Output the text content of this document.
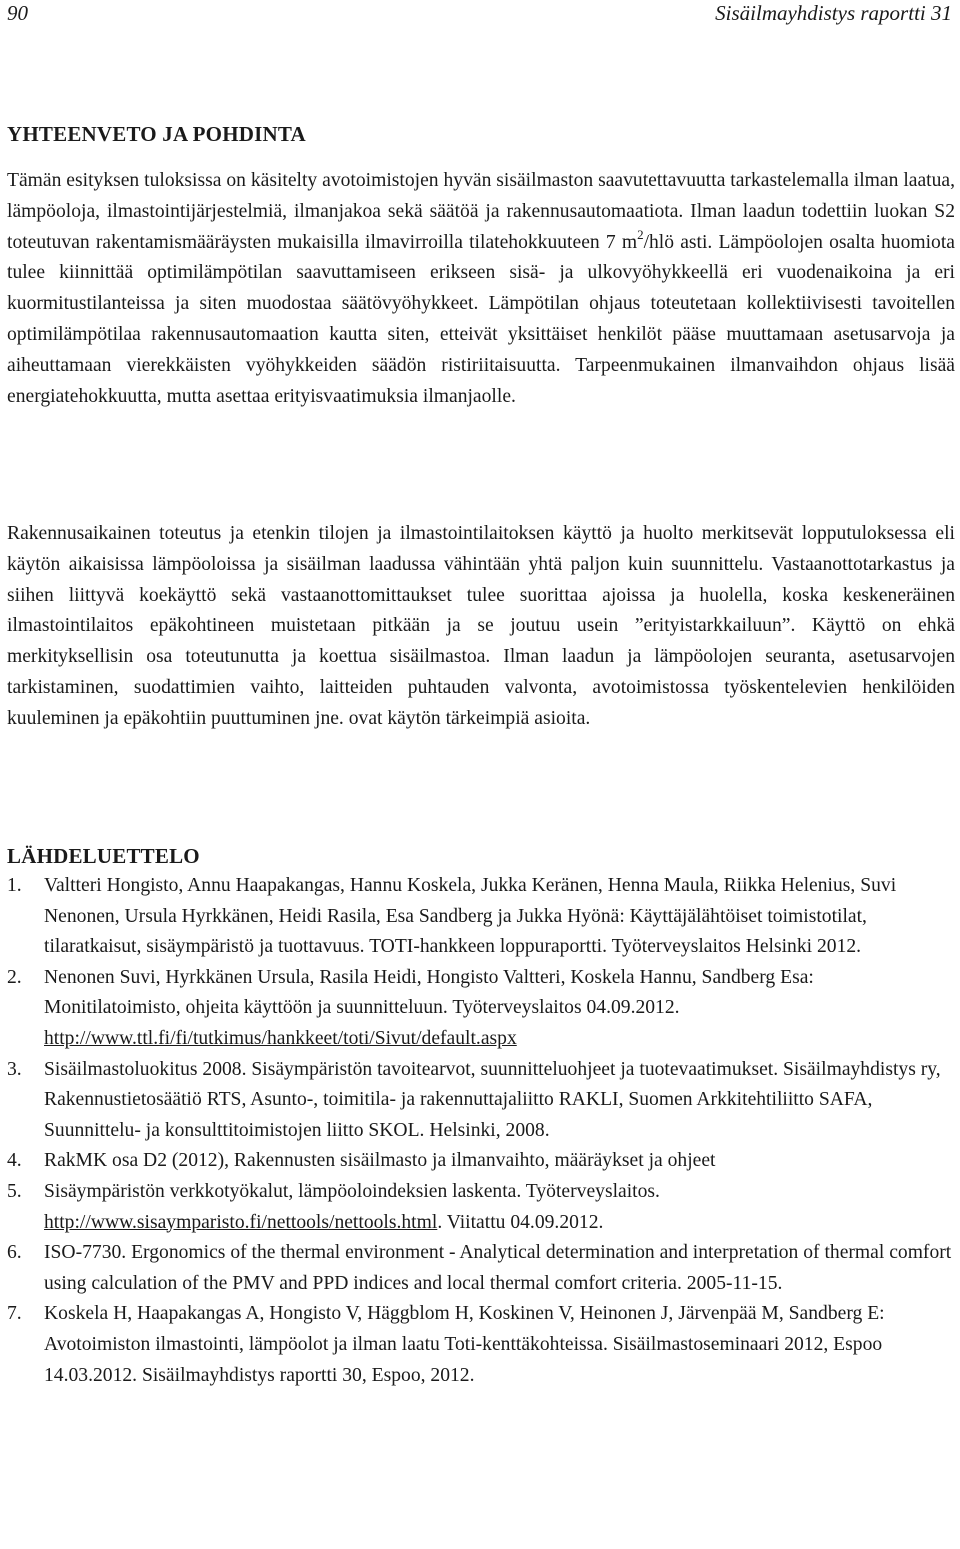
90	Sisäilmayhdistys raportti 31
YHTEENVETO JA POHDINTA

Tämän esityksen tuloksissa on käsitelty avotoimistojen hyvän sisäilmaston saavutettavuutta tarkastelemalla ilman laatua, lämpöoloja, ilmastointijärjestelmiä, ilmanjakoa sekä säätöä ja rakennusautomaatiota. Ilman laadun todettiin luokan S2 toteutuvan rakentamismääräysten mukaisilla ilmavirroilla tilatehokkuuteen 7 $m^2$/hlö asti. Lämpöolojen osalta huomiota tulee kiinnittää optimilämpötilan saavuttamiseen erikseen sisä- ja ulkovyöhykkeellä eri vuodenaikoina ja eri kuormitustilanteissa ja siten muodostaa säätövyöhykkeet. Lämpötilan ohjaus toteutetaan kollektiivisesti tavoitellen optimilämpötilaa rakennusautomaation kautta siten, etteivät yksittäiset henkilöt pääse muuttamaan asetusarvoja ja aiheuttamaan vierekkäisten vyöhykkeiden säädön ristiriitaisuutta. Tarpeenmukainen ilmanvaihdon ohjaus lisää energiatehokkuutta, mutta asettaa erityisvaatimuksia ilmanjaolle.

Rakennusaikainen toteutus ja etenkin tilojen ja ilmastointilaitoksen käyttö ja huolto merkitsevät lopputuloksessa eli käytön aikaisissa lämpöoloissa ja sisäilman laadussa vähintään yhtä paljon kuin suunnittelu. Vastaanottotarkastus ja siihen liittyvä koekäyttö sekä vastaanottomittaukset tulee suorittaa ajoissa ja huolella, koska keskeneräinen ilmastointilaitos epäkohtineen muistetaan pitkään ja se joutuu usein ”erityistarkkailuun”. Käyttö on ehkä merkityksellisin osa toteutunutta ja koettua sisäilmastoa. Ilman laadun ja lämpöolojen seuranta, asetusarvojen tarkistaminen, suodattimien vaihto, laitteiden puhtauden valvonta, avotoimistossa työskentelevien henkilöiden kuuleminen ja epäkohtiin puuttuminen jne. ovat käytön tärkeimpiä asioita.

LÄHDELUETTELO
1. Valtteri Hongisto, Annu Haapakangas, Hannu Koskela, Jukka Keränen, Henna Maula, Riikka Helenius, Suvi Nenonen, Ursula Hyrkkänen, Heidi Rasila, Esa Sandberg ja Jukka Hyönä: Käyttäjälähtöiset toimistotilat, tilaratkaisut, sisäympäristö ja tuottavuus. TOTI-hankkeen loppuraportti. Työterveyslaitos Helsinki 2012.
2. Nenonen Suvi, Hyrkkänen Ursula, Rasila Heidi, Hongisto Valtteri, Koskela Hannu, Sandberg Esa: Monitilatoimisto, ohjeita käyttöön ja suunnitteluun. Työterveyslaitos 04.09.2012. http://www.ttl.fi/fi/tutkimus/hankkeet/toti/Sivut/default.aspx
3. Sisäilmastoluokitus 2008. Sisäympäristön tavoitearvot, suunnitteluohjeet ja tuotevaatimukset. Sisäilmayhdistys ry, Rakennustietosäätiö RTS, Asunto-, toimitila- ja rakennuttajaliitto RAKLI, Suomen Arkkitehtiliitto SAFA, Suunnittelu- ja konsulttitoimistojen liitto SKOL. Helsinki, 2008.
4. RakMK osa D2 (2012), Rakennusten sisäilmasto ja ilmanvaihto, määräykset ja ohjeet
5. Sisäympäristön verkkotyökalut, lämpöoloindeksien laskenta. Työterveyslaitos. http://www.sisaymparisto.fi/nettools/nettools.html. Viitattu 04.09.2012.
6. ISO-7730. Ergonomics of the thermal environment - Analytical determination and interpretation of thermal comfort using calculation of the PMV and PPD indices and local thermal comfort criteria. 2005-11-15.
7. Koskela H, Haapakangas A, Hongisto V, Häggblom H, Koskinen V, Heinonen J, Järvenpää M, Sandberg E: Avotoimiston ilmastointi, lämpöolot ja ilman laatu Toti-kenttäkohteissa. Sisäilmastoseminaari 2012, Espoo 14.03.2012. Sisäilmayhdistys raportti 30, Espoo, 2012.
